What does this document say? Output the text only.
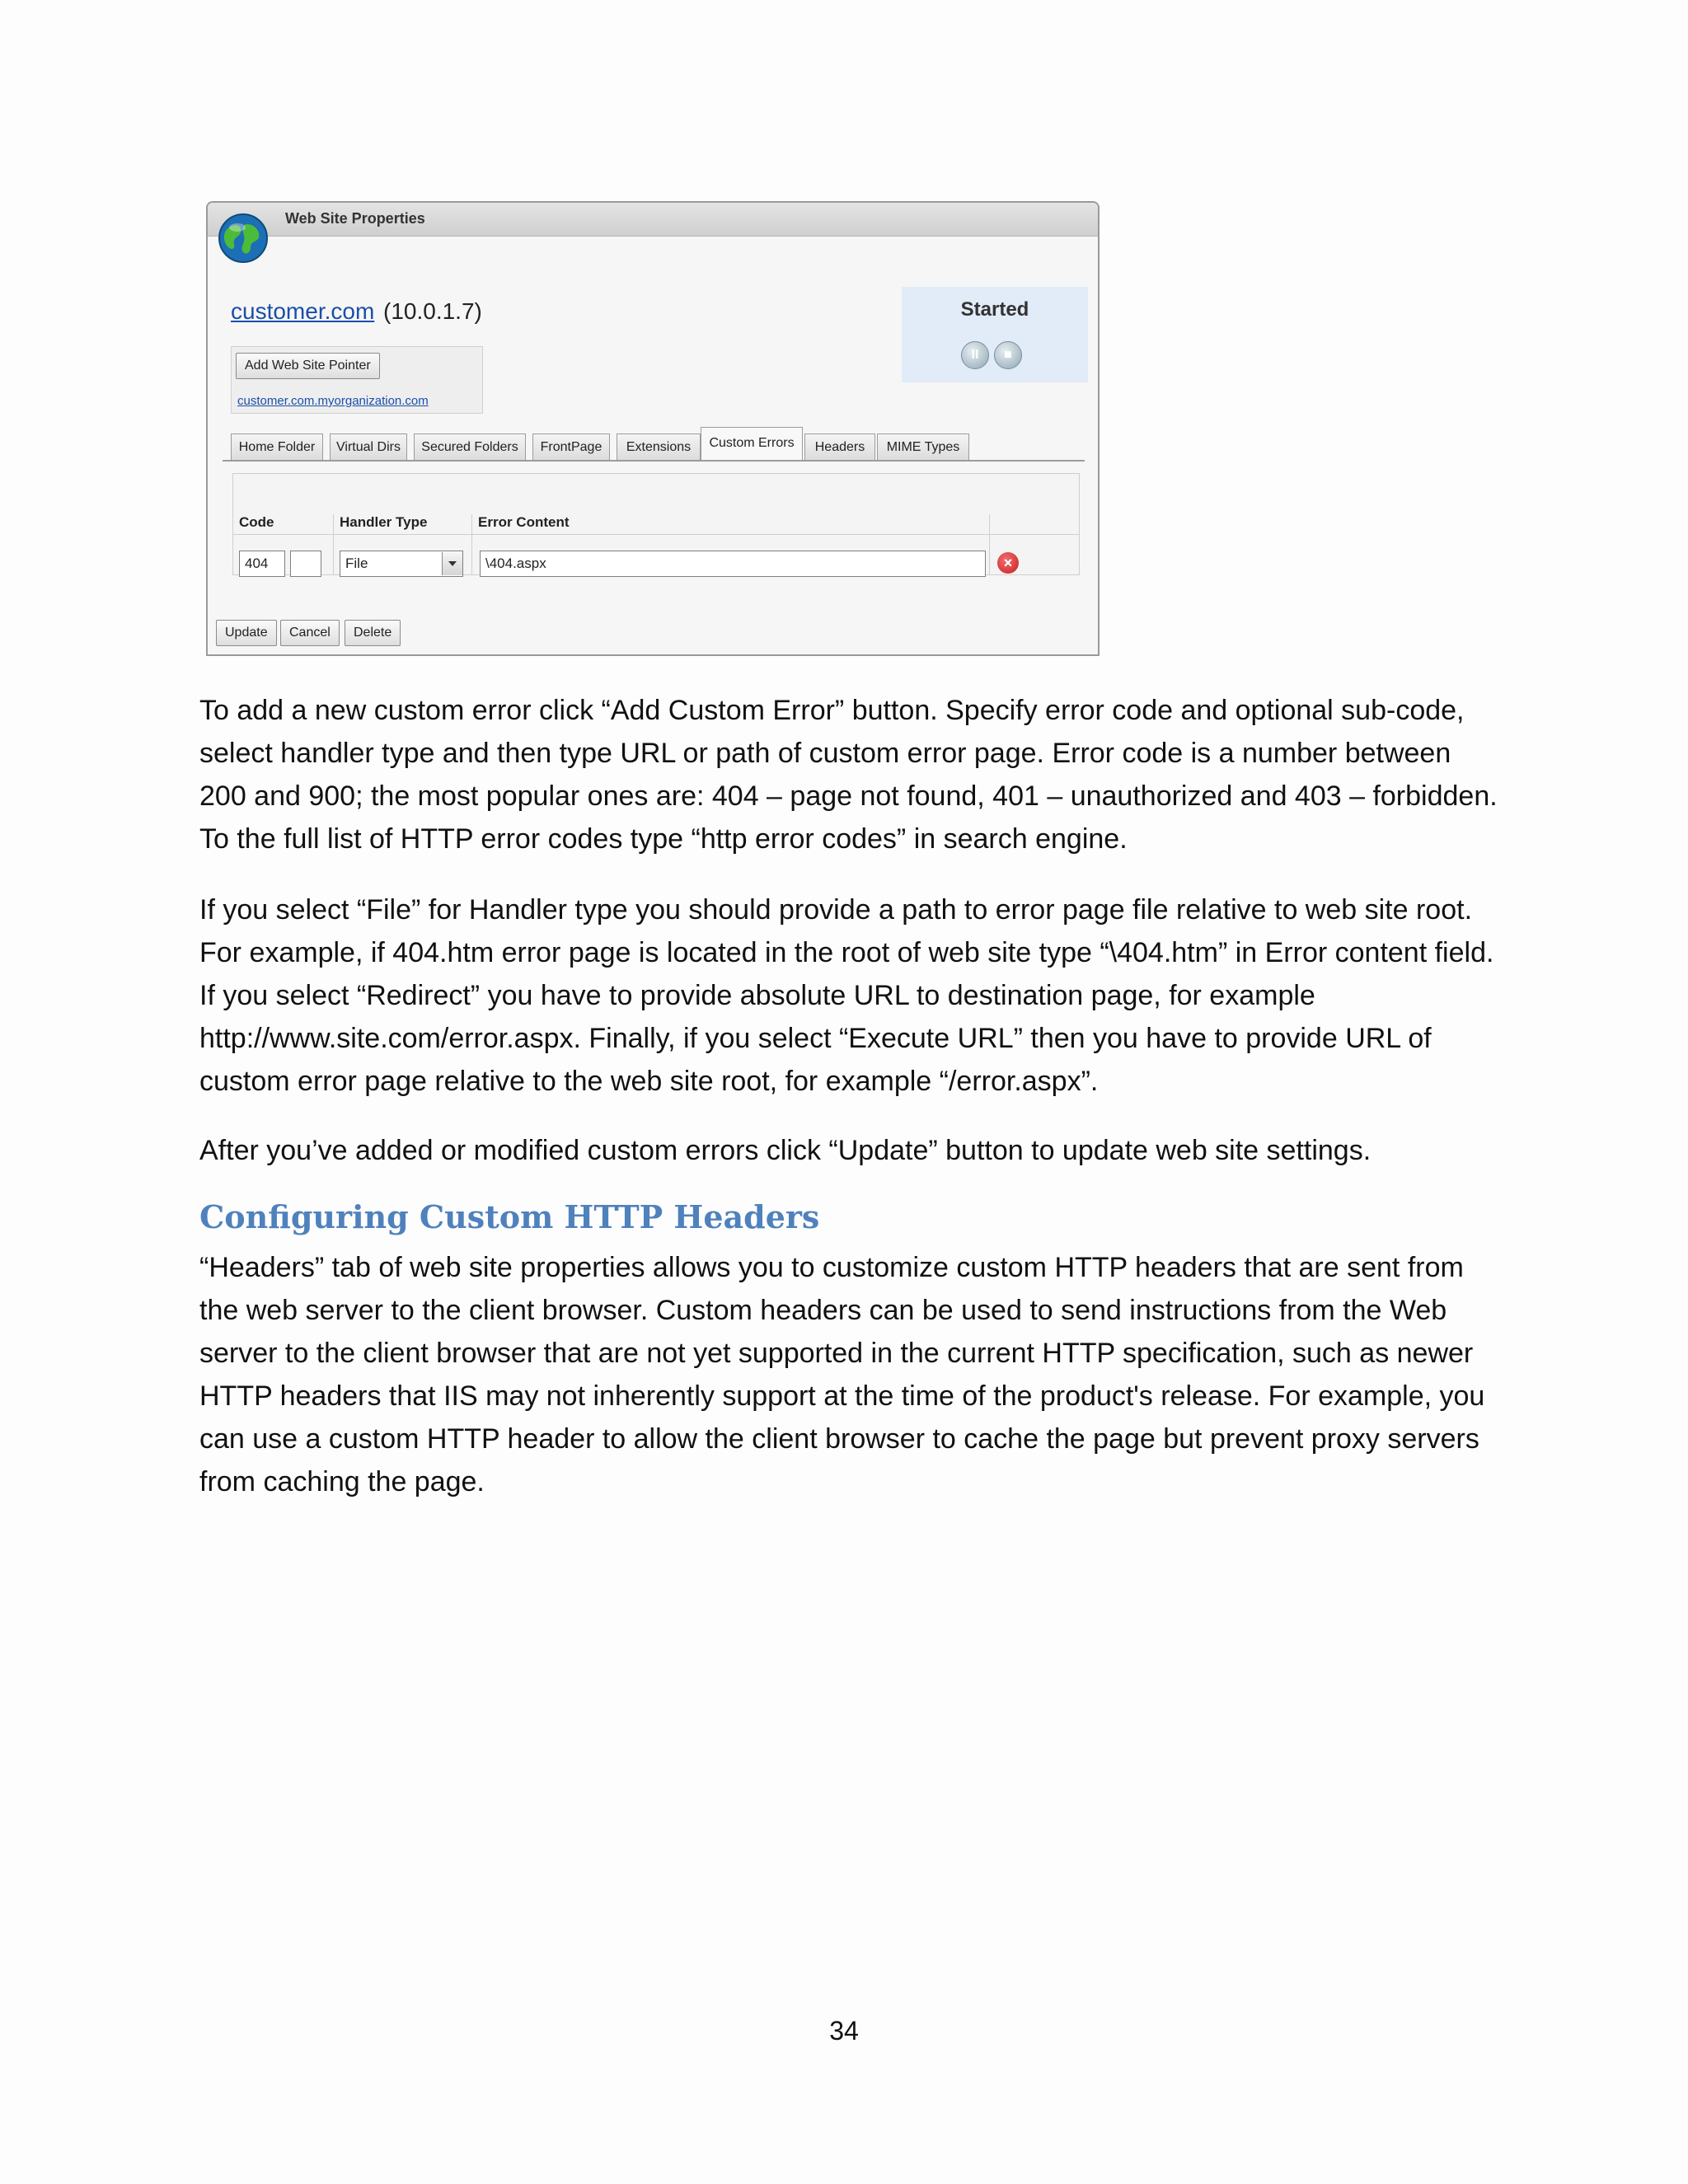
Web Site Properties
customer.com (10.0.1.7)
Add Web Site Pointer
customer.com.myorganization.com
Started
II	■
Home Folder	Virtual Dirs	Secured Folders	FrontPage	Extensions	Custom Errors	Headers	MIME Types
Code	Handler Type	Error Content
404	File	\404.aspx	×
Update	Cancel	Delete

To add a new custom error click “Add Custom Error” button. Specify error code and optional sub-code, select handler type and then type URL or path of custom error page. Error code is a number between 200 and 900; the most popular ones are: 404 – page not found, 401 – unauthorized and 403 – forbidden. To the full list of HTTP error codes type “http error codes” in search engine.

If you select “File” for Handler type you should provide a path to error page file relative to web site root. For example, if 404.htm error page is located in the root of web site type “\404.htm” in Error content field. If you select “Redirect” you have to provide absolute URL to destination page, for example http://www.site.com/error.aspx. Finally, if you select “Execute URL” then you have to provide URL of custom error page relative to the web site root, for example “/error.aspx”.

After you’ve added or modified custom errors click “Update” button to update web site settings.

Configuring Custom HTTP Headers

“Headers” tab of web site properties allows you to customize custom HTTP headers that are sent from the web server to the client browser. Custom headers can be used to send instructions from the Web server to the client browser that are not yet supported in the current HTTP specification, such as newer HTTP headers that IIS may not inherently support at the time of the product's release. For example, you can use a custom HTTP header to allow the client browser to cache the page but prevent proxy servers from caching the page.

34
